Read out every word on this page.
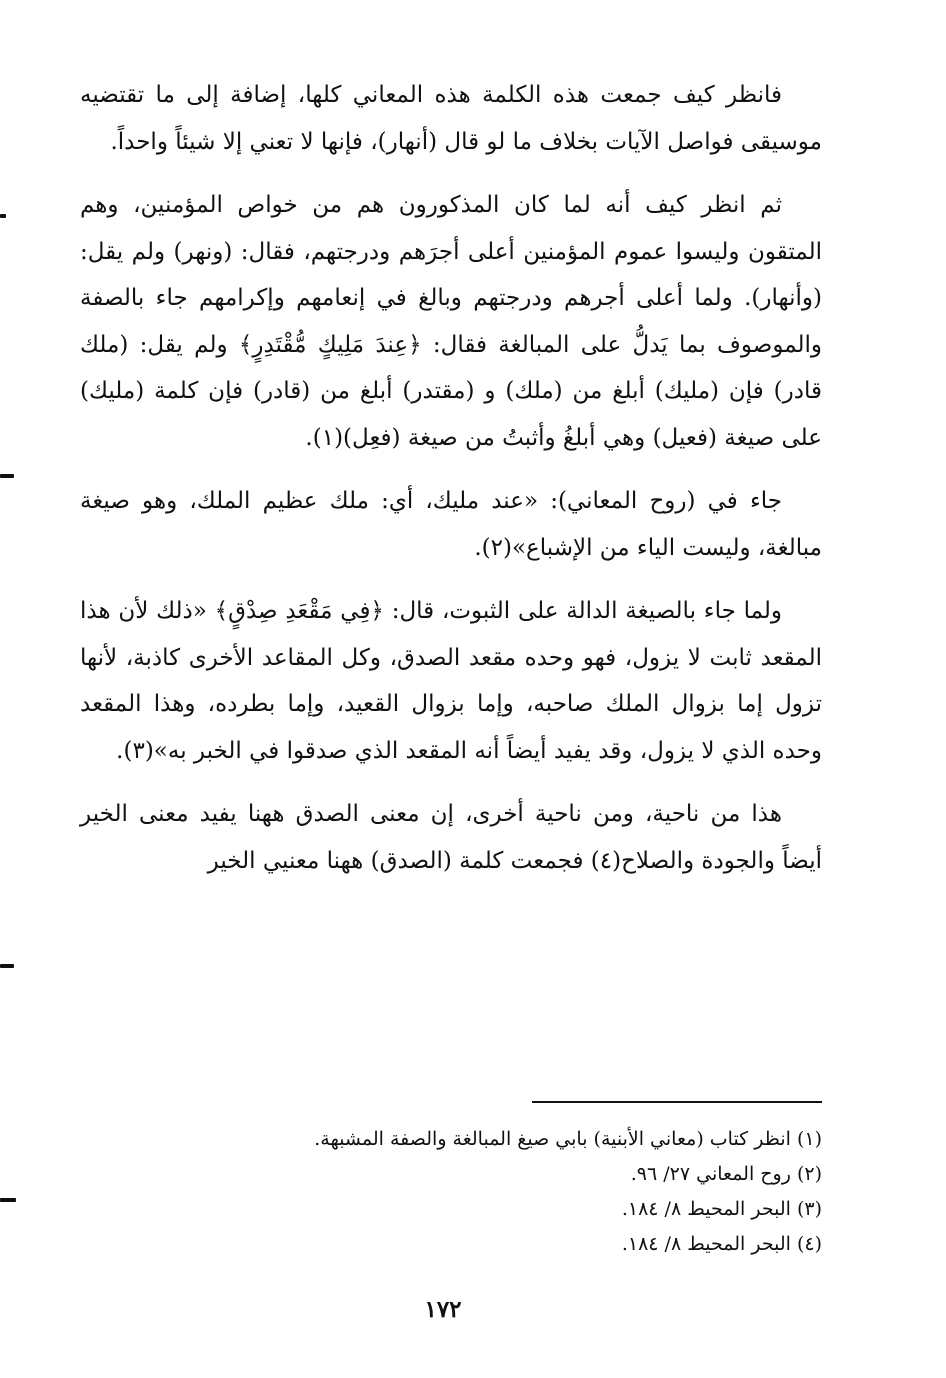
فانظر كيف جمعت هذه الكلمة هذه المعاني كلها، إضافة إلى ما تقتضيه موسيقى فواصل الآيات بخلاف ما لو قال (أنهار)، فإنها لا تعني إلا شيئاً واحداً.

ثم انظر كيف أنه لما كان المذكورون هم من خواص المؤمنين، وهم المتقون وليسوا عموم المؤمنين أعلى أجرَهم ودرجتهم، فقال: (ونهر) ولم يقل: (وأنهار). ولما أعلى أجرهم ودرجتهم وبالغ في إنعامهم وإكرامهم جاء بالصفة والموصوف بما يَدلُّ على المبالغة فقال: ﴿عِندَ مَلِيكٍ مُّقْتَدِرٍ﴾ ولم يقل: (ملك قادر) فإن (مليك) أبلغ من (ملك) و (مقتدر) أبلغ من (قادر) فإن كلمة (مليك) على صيغة (فعيل) وهي أبلغُ وأثبتُ من صيغة (فعِل)(١).

جاء في (روح المعاني): «عند مليك، أي: ملك عظيم الملك، وهو صيغة مبالغة، وليست الياء من الإشباع»(٢).

ولما جاء بالصيغة الدالة على الثبوت، قال: ﴿فِي مَقْعَدِ صِدْقٍ﴾ «ذلك لأن هذا المقعد ثابت لا يزول، فهو وحده مقعد الصدق، وكل المقاعد الأخرى كاذبة، لأنها تزول إما بزوال الملك صاحبه، وإما بزوال القعيد، وإما بطرده، وهذا المقعد وحده الذي لا يزول، وقد يفيد أيضاً أنه المقعد الذي صدقوا في الخبر به»(٣).

هذا من ناحية، ومن ناحية أخرى، إن معنى الصدق ههنا يفيد معنى الخير أيضاً والجودة والصلاح(٤) فجمعت كلمة (الصدق) ههنا معنيي الخير

(١) انظر كتاب (معاني الأبنية) بابي صيغ المبالغة والصفة المشبهة.

(٢) روح المعاني ٢٧/ ٩٦.

(٣) البحر المحيط ٨/ ١٨٤.

(٤) البحر المحيط ٨/ ١٨٤.

١٧٢
